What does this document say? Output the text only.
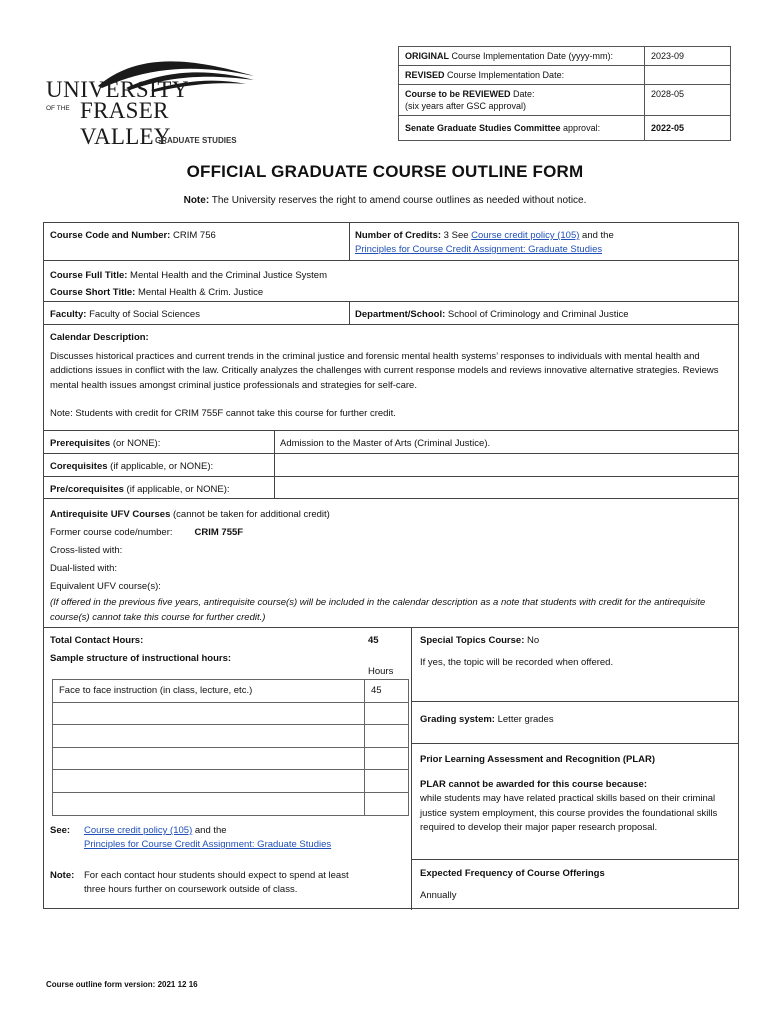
UNIVERSITY
OF THE FRASER VALLEY
GRADUATE STUDIES
ORIGINAL Course Implementation Date (yyyy-mm):	2023-09
REVISED Course Implementation Date:	
Course to be REVIEWED Date:
(six years after GSC approval)	2028-05
Senate Graduate Studies Committee approval:	2022-05
OFFICIAL GRADUATE COURSE OUTLINE FORM
Note: The University reserves the right to amend course outlines as needed without notice.
Course Code and Number: CRIM 756	Number of Credits: 3 See Course credit policy (105) and the
Principles for Course Credit Assignment: Graduate Studies
Course Full Title: Mental Health and the Criminal Justice System
Course Short Title: Mental Health & Crim. Justice
Faculty: Faculty of Social Sciences	Department/School: School of Criminology and Criminal Justice
Calendar Description:
Discusses historical practices and current trends in the criminal justice and forensic mental health systems’ responses to individuals with mental health and addictions issues in conflict with the law. Critically analyzes the challenges with current response models and reviews innovative alternative strategies. Reviews mental health issues amongst criminal justice professionals and strategies for self-care.
Note: Students with credit for CRIM 755F cannot take this course for further credit.
Prerequisites (or NONE):	Admission to the Master of Arts (Criminal Justice).
Corequisites (if applicable, or NONE):
Pre/corequisites (if applicable, or NONE):
Antirequisite UFV Courses (cannot be taken for additional credit)
Former course code/number: CRIM 755F
Cross-listed with:
Dual-listed with:
Equivalent UFV course(s):
(If offered in the previous five years, antirequisite course(s) will be included in the calendar description as a note that students with credit for the antirequisite course(s) cannot take this course for further credit.)
Total Contact Hours:	45
Sample structure of instructional hours:
Hours
Face to face instruction (in class, lecture, etc.)	45

See: Course credit policy (105) and the
Principles for Course Credit Assignment: Graduate Studies
Note: For each contact hour students should expect to spend at least
three hours further on coursework outside of class.
Special Topics Course: No
If yes, the topic will be recorded when offered.
Grading system: Letter grades
Prior Learning Assessment and Recognition (PLAR)
PLAR cannot be awarded for this course because:
while students may have related practical skills based on their criminal justice system employment, this course provides the foundational skills required to develop their major paper research proposal.
Expected Frequency of Course Offerings
Annually
Course outline form version: 2021 12 16
